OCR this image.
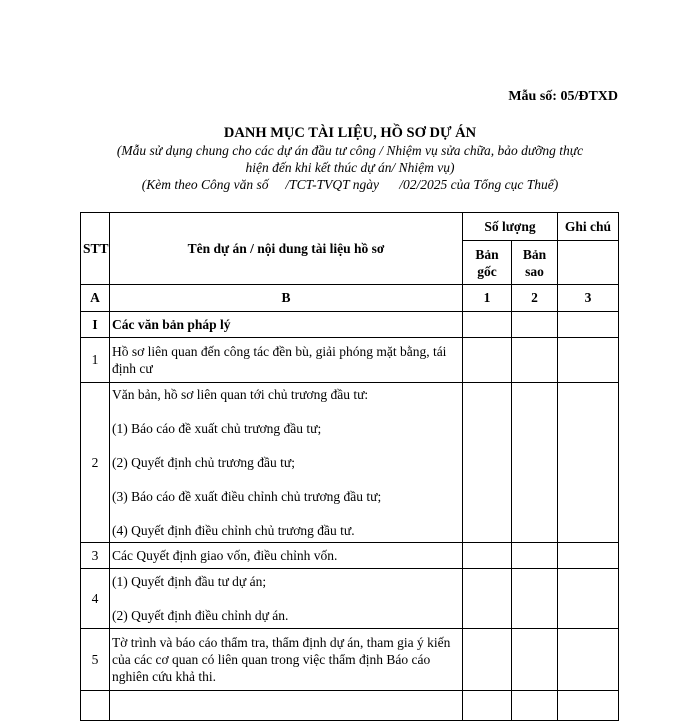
Mẫu số: 05/ĐTXD
DANH MỤC TÀI LIỆU, HỒ SƠ DỰ ÁN
(Mẫu sử dụng chung cho các dự án đầu tư công / Nhiệm vụ sửa chữa, bảo dưỡng thực
hiện đến khi kết thúc dự án/ Nhiệm vụ)
(Kèm theo Công văn số     /TCT-TVQT ngày      /02/2025 của Tổng cục Thuế)
STT	Tên dự án / nội dung tài liệu hồ sơ	Số lượng		Ghi chú
		Bản gốc	Bản sao	
A	B	1	2	3
I	Các văn bản pháp lý			
1	Hồ sơ liên quan đến công tác đền bù, giải phóng mặt bằng, tái định cư			
2	Văn bản, hồ sơ liên quan tới chủ trương đầu tư:
(1) Báo cáo đề xuất chủ trương đầu tư;
(2) Quyết định chủ trương đầu tư;
(3) Báo cáo đề xuất điều chỉnh chủ trương đầu tư;
(4) Quyết định điều chỉnh chủ trương đầu tư.			

3	Các Quyết định giao vốn, điều chỉnh vốn.			
4	(1) Quyết định đầu tư dự án;
(2) Quyết định điều chỉnh dự án.			

5	Tờ trình và báo cáo thẩm tra, thẩm định dự án, tham gia ý kiến của các cơ quan có liên quan trong việc thẩm định Báo cáo nghiên cứu khả thi.			
